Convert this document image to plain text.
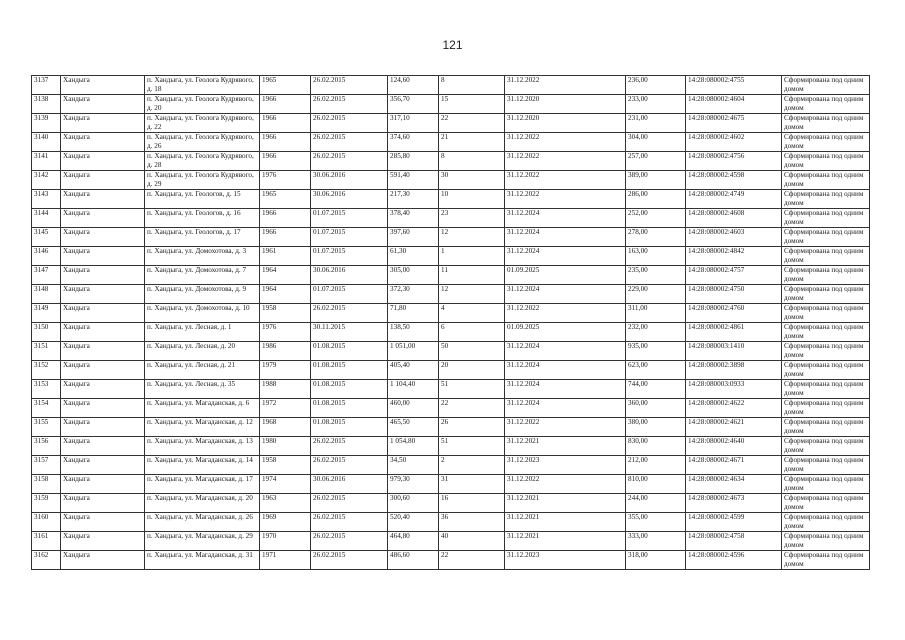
121
3137	Хандыга	п. Хандыга, ул. Геолога Кудрявого, д. 18	1965	26.02.2015	124,60	8	31.12.2022	236,00	14:28:080002:4755	Сформирована под одним домом
3138	Хандыга	п. Хандыга, ул. Геолога Кудрявого, д. 20	1966	26.02.2015	356,70	15	31.12.2020	233,00	14:28:080002:4604	Сформирована под одним домом
3139	Хандыга	п. Хандыга, ул. Геолога Кудрявого, д. 22	1966	26.02.2015	317,10	22	31.12.2020	231,00	14:28:080002:4675	Сформирована под одним домом
3140	Хандыга	п. Хандыга, ул. Геолога Кудрявого, д. 26	1966	26.02.2015	374,60	21	31.12.2022	304,00	14:28:080002:4602	Сформирована под одним домом
3141	Хандыга	п. Хандыга, ул. Геолога Кудрявого, д. 28	1966	26.02.2015	285,80	8	31.12.2022	257,00	14:28:080002:4756	Сформирована под одним домом
3142	Хандыга	п. Хандыга, ул. Геолога Кудрявого, д. 29	1976	30.06.2016	591,40	30	31.12.2022	389,00	14:28:080002:4598	Сформирована под одним домом
3143	Хандыга	п. Хандыга, ул. Геологов, д. 15	1965	30.06.2016	217,30	10	31.12.2022	286,00	14:28:080002:4749	Сформирована под одним домом
3144	Хандыга	п. Хандыга, ул. Геологов, д. 16	1966	01.07.2015	378,40	23	31.12.2024	252,00	14:28:080002:4608	Сформирована под одним домом
3145	Хандыга	п. Хандыга, ул. Геологов, д. 17	1966	01.07.2015	397,60	12	31.12.2024	278,00	14:28:080002:4603	Сформирована под одним домом
3146	Хандыга	п. Хандыга, ул. Домохотова, д. 3	1961	01.07.2015	61,30	1	31.12.2024	163,00	14:28:080002:4842	Сформирована под одним домом
3147	Хандыга	п. Хандыга, ул. Домохотова, д. 7	1964	30.06.2016	305,00	11	01.09.2025	235,00	14:28:080002:4757	Сформирована под одним домом
3148	Хандыга	п. Хандыга, ул. Домохотова, д. 9	1964	01.07.2015	372,30	12	31.12.2024	229,00	14:28:080002:4750	Сформирована под одним домом
3149	Хандыга	п. Хандыга, ул. Домохотова, д. 10	1958	26.02.2015	71,80	4	31.12.2022	311,00	14:28:080002:4760	Сформирована под одним домом
3150	Хандыга	п. Хандыга, ул. Лесная, д. 1	1976	30.11.2015	138,50	6	01.09.2025	232,00	14:28:080002:4861	Сформирована под одним домом
3151	Хандыга	п. Хандыга, ул. Лесная, д. 20	1986	01.08.2015	1 051,00	50	31.12.2024	935,00	14:28:080003:1410	Сформирована под одним домом
3152	Хандыга	п. Хандыга, ул. Лесная, д. 21	1979	01.08.2015	405,40	20	31.12.2024	623,00	14:28:080002:3898	Сформирована под одним домом
3153	Хандыга	п. Хандыга, ул. Лесная, д. 35	1988	01.08.2015	1 104,40	51	31.12.2024	744,00	14:28:080003:0933	Сформирована под одним домом
3154	Хандыга	п. Хандыга, ул. Магаданская, д. 6	1972	01.08.2015	460,00	22	31.12.2024	360,00	14:28:080002:4622	Сформирована под одним домом
3155	Хандыга	п. Хандыга, ул. Магаданская, д. 12	1968	01.08.2015	465,50	26	31.12.2022	380,00	14:28:080002:4621	Сформирована под одним домом
3156	Хандыга	п. Хандыга, ул. Магаданская, д. 13	1980	26.02.2015	1 054,80	51	31.12.2021	830,00	14:28:080002:4640	Сформирована под одним домом
3157	Хандыга	п. Хандыга, ул. Магаданская, д. 14	1958	26.02.2015	34,50	2	31.12.2023	212,00	14:28:080002:4671	Сформирована под одним домом
3158	Хандыга	п. Хандыга, ул. Магаданская, д. 17	1974	30.06.2016	979,30	31	31.12.2022	810,00	14:28:080002:4634	Сформирована под одним домом
3159	Хандыга	п. Хандыга, ул. Магаданская, д. 20	1963	26.02.2015	300,60	16	31.12.2021	244,00	14:28:080002:4673	Сформирована под одним домом
3160	Хандыга	п. Хандыга, ул. Магаданская, д. 26	1969	26.02.2015	520,40	36	31.12.2021	355,00	14:28:080002:4599	Сформирована под одним домом
3161	Хандыга	п. Хандыга, ул. Магаданская, д. 29	1970	26.02.2015	464,80	40	31.12.2021	333,00	14:28:080002:4758	Сформирована под одним домом
3162	Хандыга	п. Хандыга, ул. Магаданская, д. 31	1971	26.02.2015	486,60	22	31.12.2023	318,00	14:28:080002:4596	Сформирована под одним домом
